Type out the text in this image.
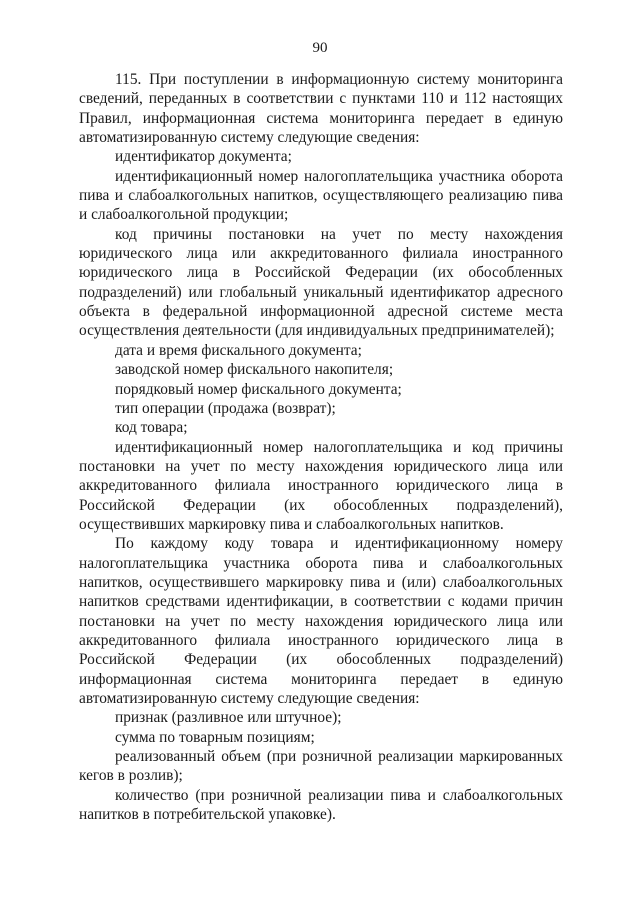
90

115. При поступлении в информационную систему мониторинга сведений, переданных в соответствии с пунктами 110 и 112 настоящих Правил, информационная система мониторинга передает в единую автоматизированную систему следующие сведения:

идентификатор документа;

идентификационный номер налогоплательщика участника оборота пива и слабоалкогольных напитков, осуществляющего реализацию пива и слабоалкогольной продукции;

код причины постановки на учет по месту нахождения юридического лица или аккредитованного филиала иностранного юридического лица в Российской Федерации (их обособленных подразделений) или глобальный уникальный идентификатор адресного объекта в федеральной информационной адресной системе места осуществления деятельности (для индивидуальных предпринимателей);

дата и время фискального документа;

заводской номер фискального накопителя;

порядковый номер фискального документа;

тип операции (продажа (возврат);

код товара;

идентификационный номер налогоплательщика и код причины постановки на учет по месту нахождения юридического лица или аккредитованного филиала иностранного юридического лица в Российской Федерации (их обособленных подразделений), осуществивших маркировку пива и слабоалкогольных напитков.

По каждому коду товара и идентификационному номеру налогоплательщика участника оборота пива и слабоалкогольных напитков, осуществившего маркировку пива и (или) слабоалкогольных напитков средствами идентификации, в соответствии с кодами причин постановки на учет по месту нахождения юридического лица или аккредитованного филиала иностранного юридического лица в Российской Федерации (их обособленных подразделений) информационная система мониторинга передает в единую автоматизированную систему следующие сведения:

признак (разливное или штучное);

сумма по товарным позициям;

реализованный объем (при розничной реализации маркированных кегов в розлив);

количество (при розничной реализации пива и слабоалкогольных напитков в потребительской упаковке).
